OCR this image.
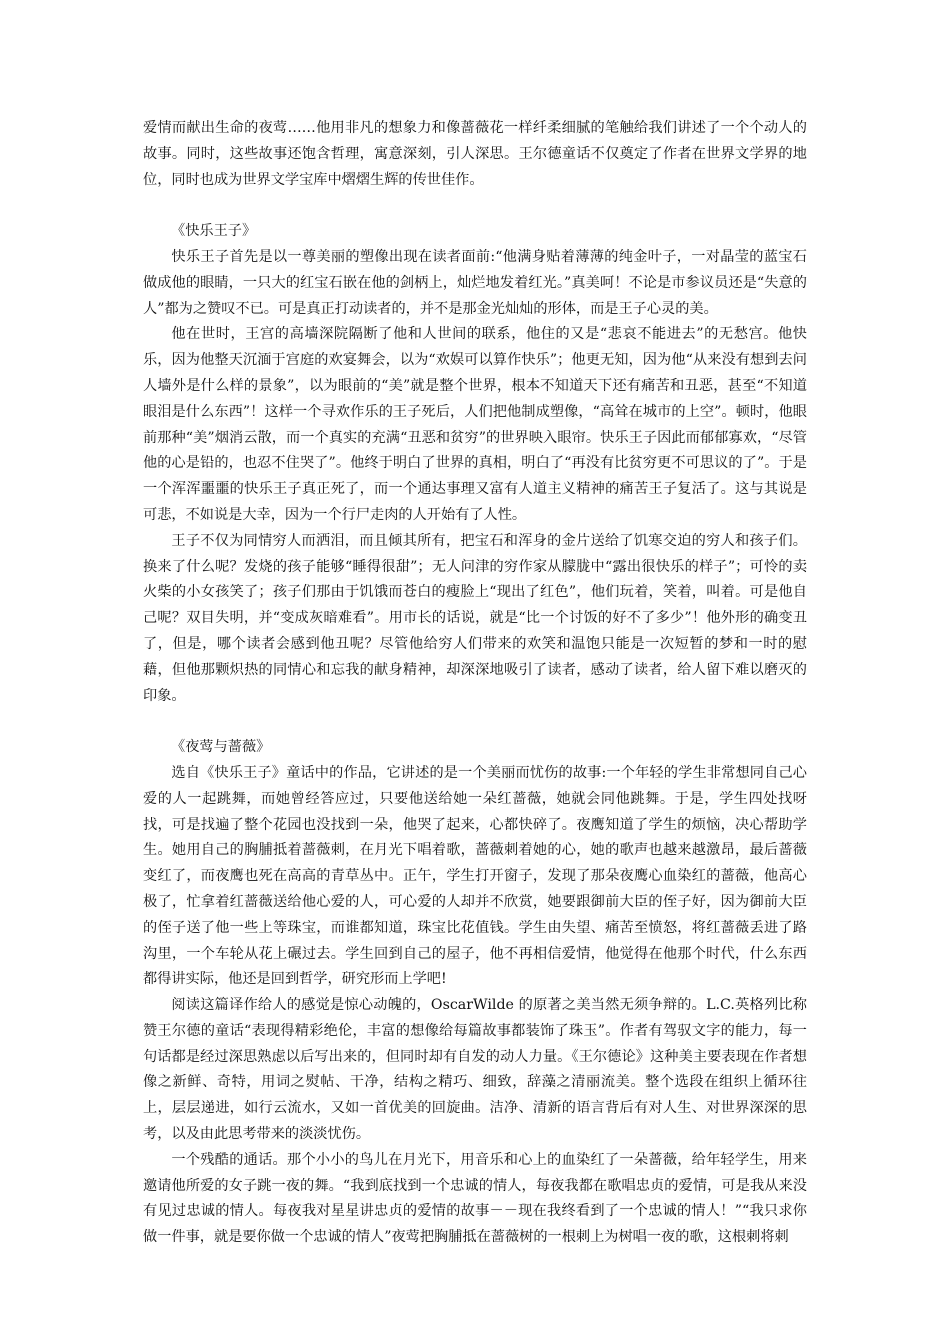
爱情而献出生命的夜莺……他用非凡的想象力和像蔷薇花一样纤柔细腻的笔触给我们讲述了一个个动人的故事。同时，这些故事还饱含哲理，寓意深刻，引人深思。王尔德童话不仅奠定了作者在世界文学界的地位，同时也成为世界文学宝库中熠熠生辉的传世佳作。

《快乐王子》

快乐王子首先是以一尊美丽的塑像出现在读者面前:“他满身贴着薄薄的纯金叶子，一对晶莹的蓝宝石做成他的眼睛，一只大的红宝石嵌在他的剑柄上，灿烂地发着红光。”真美呵！不论是市参议员还是“失意的人”都为之赞叹不已。可是真正打动读者的，并不是那金光灿灿的形体，而是王子心灵的美。

他在世时，王宫的高墙深院隔断了他和人世间的联系，他住的又是“悲哀不能进去”的无愁宫。他快乐，因为他整天沉湎于宫庭的欢宴舞会，以为“欢娱可以算作快乐”；他更无知，因为他“从来没有想到去问人墙外是什么样的景象”，以为眼前的“美”就是整个世界，根本不知道天下还有痛苦和丑恶，甚至“不知道眼泪是什么东西”！这样一个寻欢作乐的王子死后，人们把他制成塑像，“高耸在城市的上空”。顿时，他眼前那种“美”烟消云散，而一个真实的充满“丑恶和贫穷”的世界映入眼帘。快乐王子因此而郁郁寡欢，“尽管他的心是铅的，也忍不住哭了”。他终于明白了世界的真相，明白了“再没有比贫穷更不可思议的了”。于是一个浑浑噩噩的快乐王子真正死了，而一个通达事理又富有人道主义精神的痛苦王子复活了。这与其说是可悲，不如说是大幸，因为一个行尸走肉的人开始有了人性。

王子不仅为同情穷人而洒泪，而且倾其所有，把宝石和浑身的金片送给了饥寒交迫的穷人和孩子们。换来了什么呢？发烧的孩子能够“睡得很甜”；无人问津的穷作家从朦胧中“露出很快乐的样子”；可怜的卖火柴的小女孩笑了；孩子们那由于饥饿而苍白的瘦脸上“现出了红色”，他们玩着，笑着，叫着。可是他自己呢？双目失明，并“变成灰暗难看”。用市长的话说，就是“比一个讨饭的好不了多少”！他外形的确变丑了，但是，哪个读者会感到他丑呢？尽管他给穷人们带来的欢笑和温饱只能是一次短暂的梦和一时的慰藉，但他那颗炽热的同情心和忘我的献身精神，却深深地吸引了读者，感动了读者，给人留下难以磨灭的印象。

《夜莺与蔷薇》

选自《快乐王子》童话中的作品，它讲述的是一个美丽而忧伤的故事:一个年轻的学生非常想同自己心爱的人一起跳舞，而她曾经答应过，只要他送给她一朵红蔷薇，她就会同他跳舞。于是，学生四处找呀找，可是找遍了整个花园也没找到一朵，他哭了起来，心都快碎了。夜鹰知道了学生的烦恼，决心帮助学生。她用自己的胸脯抵着蔷薇刺，在月光下唱着歌，蔷薇刺着她的心，她的歌声也越来越激昂，最后蔷薇变红了，而夜鹰也死在高高的青草丛中。正午，学生打开窗子，发现了那朵夜鹰心血染红的蔷薇，他高心极了，忙拿着红蔷薇送给他心爱的人，可心爱的人却并不欣赏，她要跟御前大臣的侄子好，因为御前大臣的侄子送了他一些上等珠宝，而谁都知道，珠宝比花值钱。学生由失望、痛苦至愤怒，将红蔷薇丢进了路沟里，一个车轮从花上碾过去。学生回到自己的屋子，他不再相信爱情，他觉得在他那个时代，什么东西都得讲实际，他还是回到哲学，研究形而上学吧!

阅读这篇译作给人的感觉是惊心动魄的，OscarWilde 的原著之美当然无须争辩的。L.C.英格列比称赞王尔德的童话“表现得精彩绝伦，丰富的想像给每篇故事都装饰了珠玉”。作者有驾驭文字的能力，每一句话都是经过深思熟虑以后写出来的，但同时却有自发的动人力量。《王尔德论》这种美主要表现在作者想像之新鲜、奇特，用词之熨帖、干净，结构之精巧、细致，辞藻之清丽流美。整个选段在组织上循环往上，层层递进，如行云流水，又如一首优美的回旋曲。洁净、清新的语言背后有对人生、对世界深深的思考，以及由此思考带来的淡淡忧伤。

一个残酷的通话。那个小小的鸟儿在月光下，用音乐和心上的血染红了一朵蔷薇，给年轻学生，用来邀请他所爱的女子跳一夜的舞。“我到底找到一个忠诚的情人，每夜我都在歌唱忠贞的爱情，可是我从来没有见过忠诚的情人。每夜我对星星讲忠贞的爱情的故事－－现在我终看到了一个忠诚的情人！”“我只求你做一件事，就是要你做一个忠诚的情人”夜莺把胸脯抵在蔷薇树的一根刺上为树唱一夜的歌，这根刺将刺
